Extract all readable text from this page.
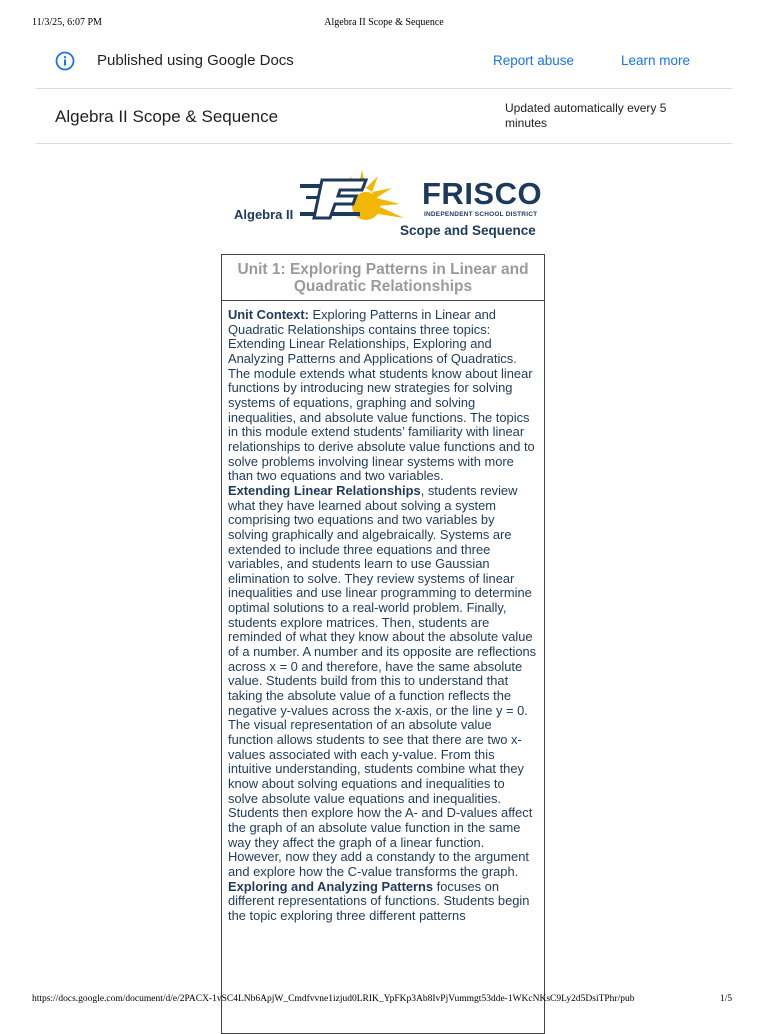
11/3/25, 6:07 PM	Algebra II Scope & Sequence
Published using Google Docs	Report abuse	Learn more
Algebra II Scope & Sequence	Updated automatically every 5 minutes
Algebra II
FRISCO
INDEPENDENT SCHOOL DISTRICT
Scope and Sequence
Unit 1: Exploring Patterns in Linear and Quadratic Relationships

Unit Context: Exploring Patterns in Linear and Quadratic Relationships contains three topics: Extending Linear Relationships, Exploring and Analyzing Patterns and Applications of Quadratics. The module extends what students know about linear functions by introducing new strategies for solving systems of equations, graphing and solving inequalities, and absolute value functions. The topics in this module extend students’ familiarity with linear relationships to derive absolute value functions and to solve problems involving linear systems with more than two equations and two variables.

Extending Linear Relationships, students review what they have learned about solving a system comprising two equations and two variables by solving graphically and algebraically. Systems are extended to include three equations and three variables, and students learn to use Gaussian elimination to solve. They review systems of linear inequalities and use linear programming to determine optimal solutions to a real-world problem. Finally, students explore matrices. Then, students are reminded of what they know about the absolute value of a number. A number and its opposite are reflections across x = 0 and therefore, have the same absolute value. Students build from this to understand that taking the absolute value of a function reflects the negative y-values across the x-axis, or the line y = 0. The visual representation of an absolute value function allows students to see that there are two x-values associated with each y-value. From this intuitive understanding, students combine what they know about solving equations and inequalities to solve absolute value equations and inequalities. Students then explore how the A- and D-values affect the graph of an absolute value function in the same way they affect the graph of a linear function. However, now they add a constandy to the argument and explore how the C-value transforms the graph.

Exploring and Analyzing Patterns focuses on different representations of functions. Students begin the topic exploring three different patterns

https://docs.google.com/document/d/e/2PACX-1vSC4LNb6ApjW_Cmdfvvne1izjud0LRIK_YpFKp3Ab8IvPjVummgt53dde-1WKcNKsC9Ly2d5DsiTPhr/pub	1/5
